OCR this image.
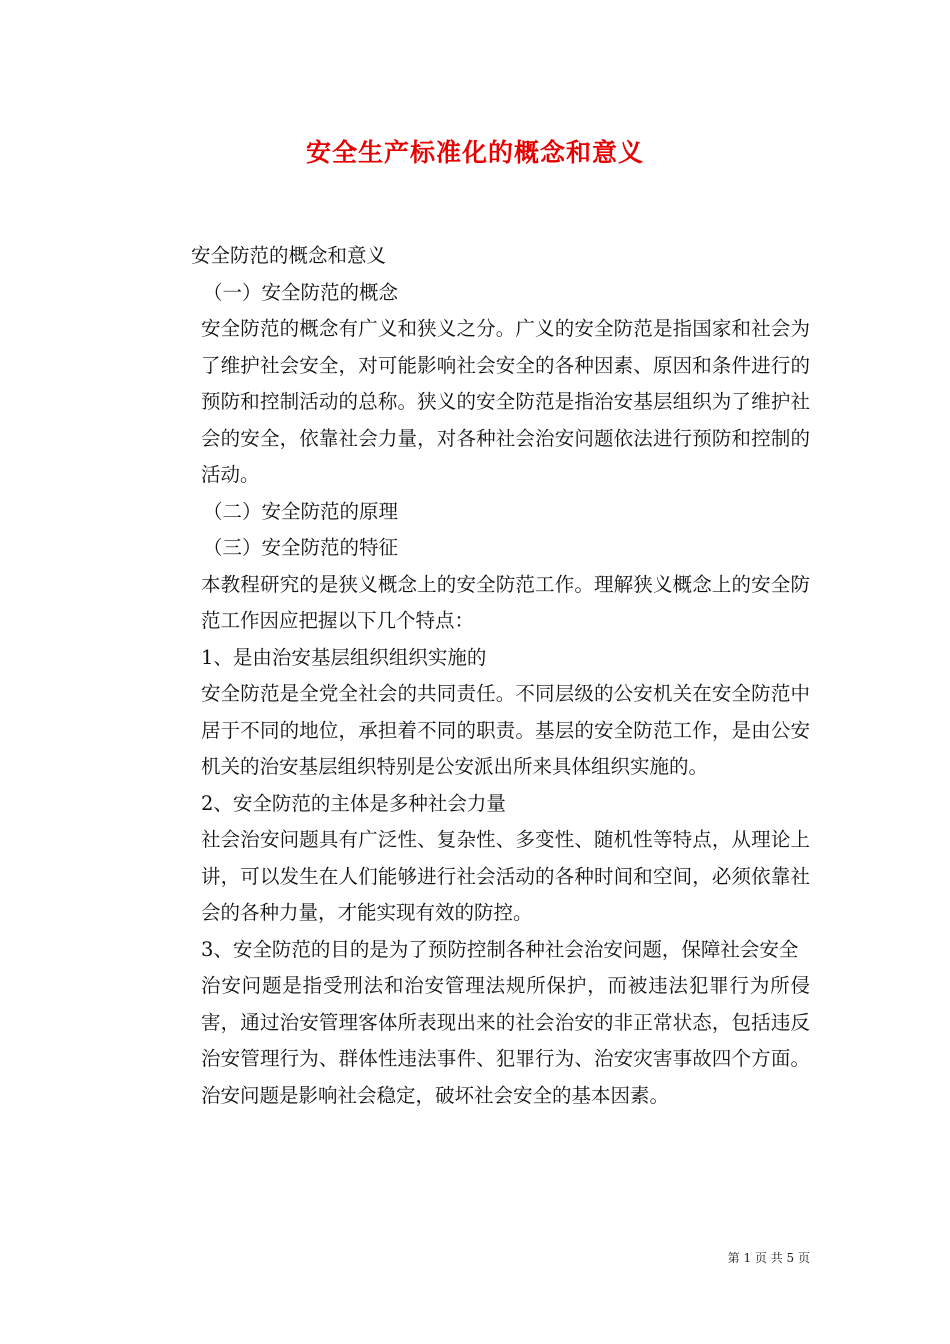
安全生产标准化的概念和意义

安全防范的概念和意义

（一）安全防范的概念

安全防范的概念有广义和狭义之分。广义的安全防范是指国家和社会为了维护社会安全，对可能影响社会安全的各种因素、原因和条件进行的预防和控制活动的总称。狭义的安全防范是指治安基层组织为了维护社会的安全，依靠社会力量，对各种社会治安问题依法进行预防和控制的活动。

（二）安全防范的原理

（三）安全防范的特征

本教程研究的是狭义概念上的安全防范工作。理解狭义概念上的安全防范工作因应把握以下几个特点：

1、是由治安基层组织组织实施的

安全防范是全党全社会的共同责任。不同层级的公安机关在安全防范中居于不同的地位，承担着不同的职责。基层的安全防范工作，是由公安机关的治安基层组织特别是公安派出所来具体组织实施的。

2、安全防范的主体是多种社会力量

社会治安问题具有广泛性、复杂性、多变性、随机性等特点，从理论上讲，可以发生在人们能够进行社会活动的各种时间和空间，必须依靠社会的各种力量，才能实现有效的防控。

3、安全防范的目的是为了预防控制各种社会治安问题，保障社会安全

治安问题是指受刑法和治安管理法规所保护，而被违法犯罪行为所侵害，通过治安管理客体所表现出来的社会治安的非正常状态，包括违反治安管理行为、群体性违法事件、犯罪行为、治安灾害事故四个方面。治安问题是影响社会稳定，破坏社会安全的基本因素。

第 1 页 共 5 页
